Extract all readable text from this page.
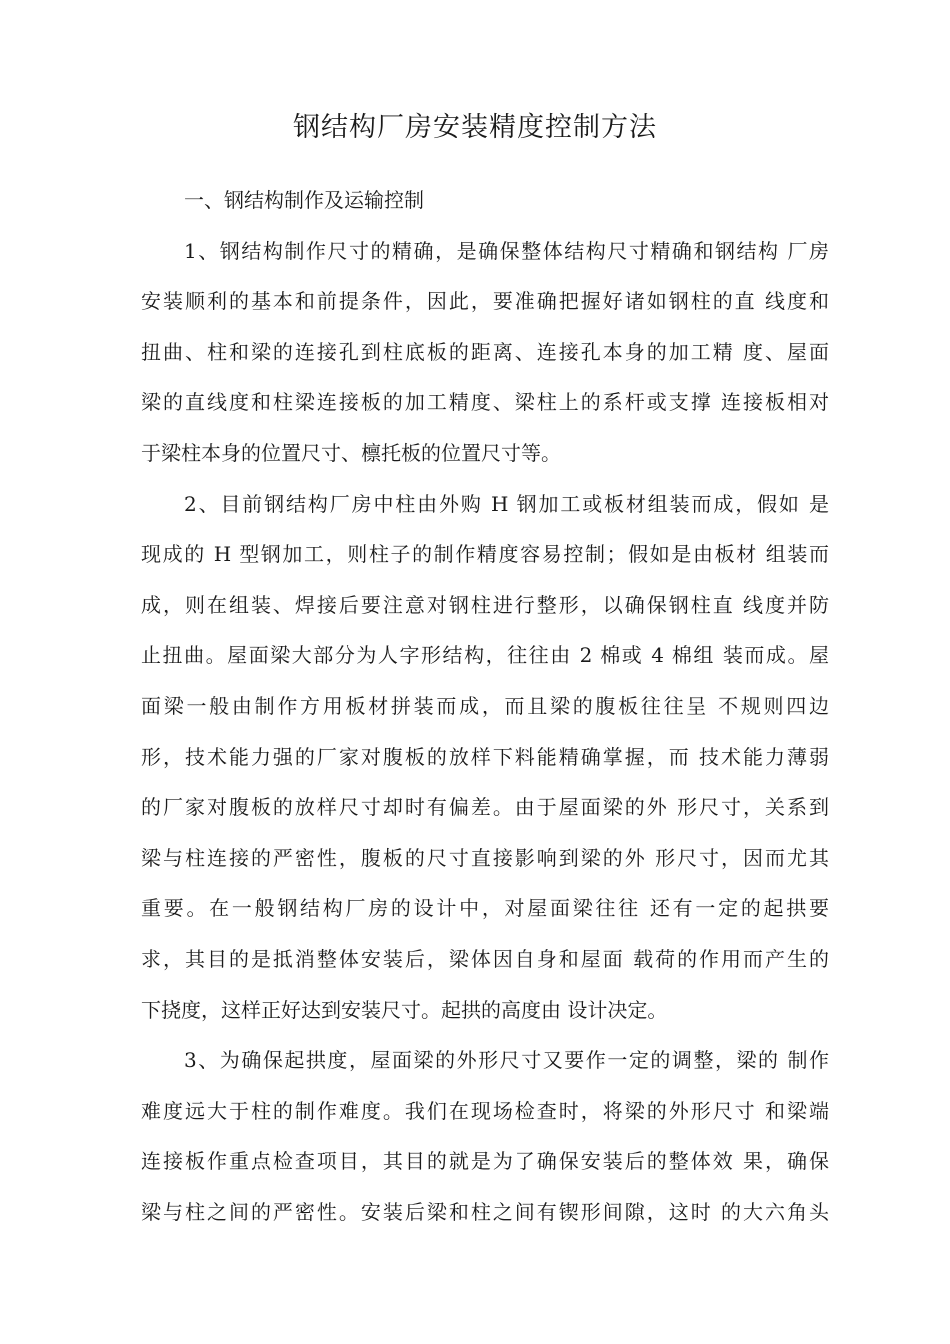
钢结构厂房安装精度控制方法
一、钢结构制作及运输控制
1、钢结构制作尺寸的精确，是确保整体结构尺寸精确和钢结构 厂房
安装顺利的基本和前提条件，因此，要准确把握好诸如钢柱的直 线度和
扭曲、柱和梁的连接孔到柱底板的距离、连接孔本身的加工精 度、屋面
梁的直线度和柱梁连接板的加工精度、梁柱上的系杆或支撑 连接板相对
于梁柱本身的位置尺寸、檩托板的位置尺寸等。
2、目前钢结构厂房中柱由外购 H 钢加工或板材组装而成，假如 是
现成的 H 型钢加工，则柱子的制作精度容易控制；假如是由板材 组装而
成，则在组装、焊接后要注意对钢柱进行整形，以确保钢柱直 线度并防
止扭曲。屋面梁大部分为人字形结构，往往由 2 棉或 4 棉组 装而成。屋
面梁一般由制作方用板材拼装而成，而且梁的腹板往往呈 不规则四边
形，技术能力强的厂家对腹板的放样下料能精确掌握，而 技术能力薄弱
的厂家对腹板的放样尺寸却时有偏差。由于屋面梁的外 形尺寸，关系到
梁与柱连接的严密性，腹板的尺寸直接影响到梁的外 形尺寸，因而尤其
重要。在一般钢结构厂房的设计中，对屋面梁往往 还有一定的起拱要
求，其目的是抵消整体安装后，梁体因自身和屋面 载荷的作用而产生的
下挠度，这样正好达到安装尺寸。起拱的高度由 设计决定。
3、为确保起拱度，屋面梁的外形尺寸又要作一定的调整，梁的 制作
难度远大于柱的制作难度。我们在现场检查时，将梁的外形尺寸 和梁端
连接板作重点检查项目，其目的就是为了确保安装后的整体效 果，确保
梁与柱之间的严密性。安装后梁和柱之间有锲形间隙，这时 的大六角头
